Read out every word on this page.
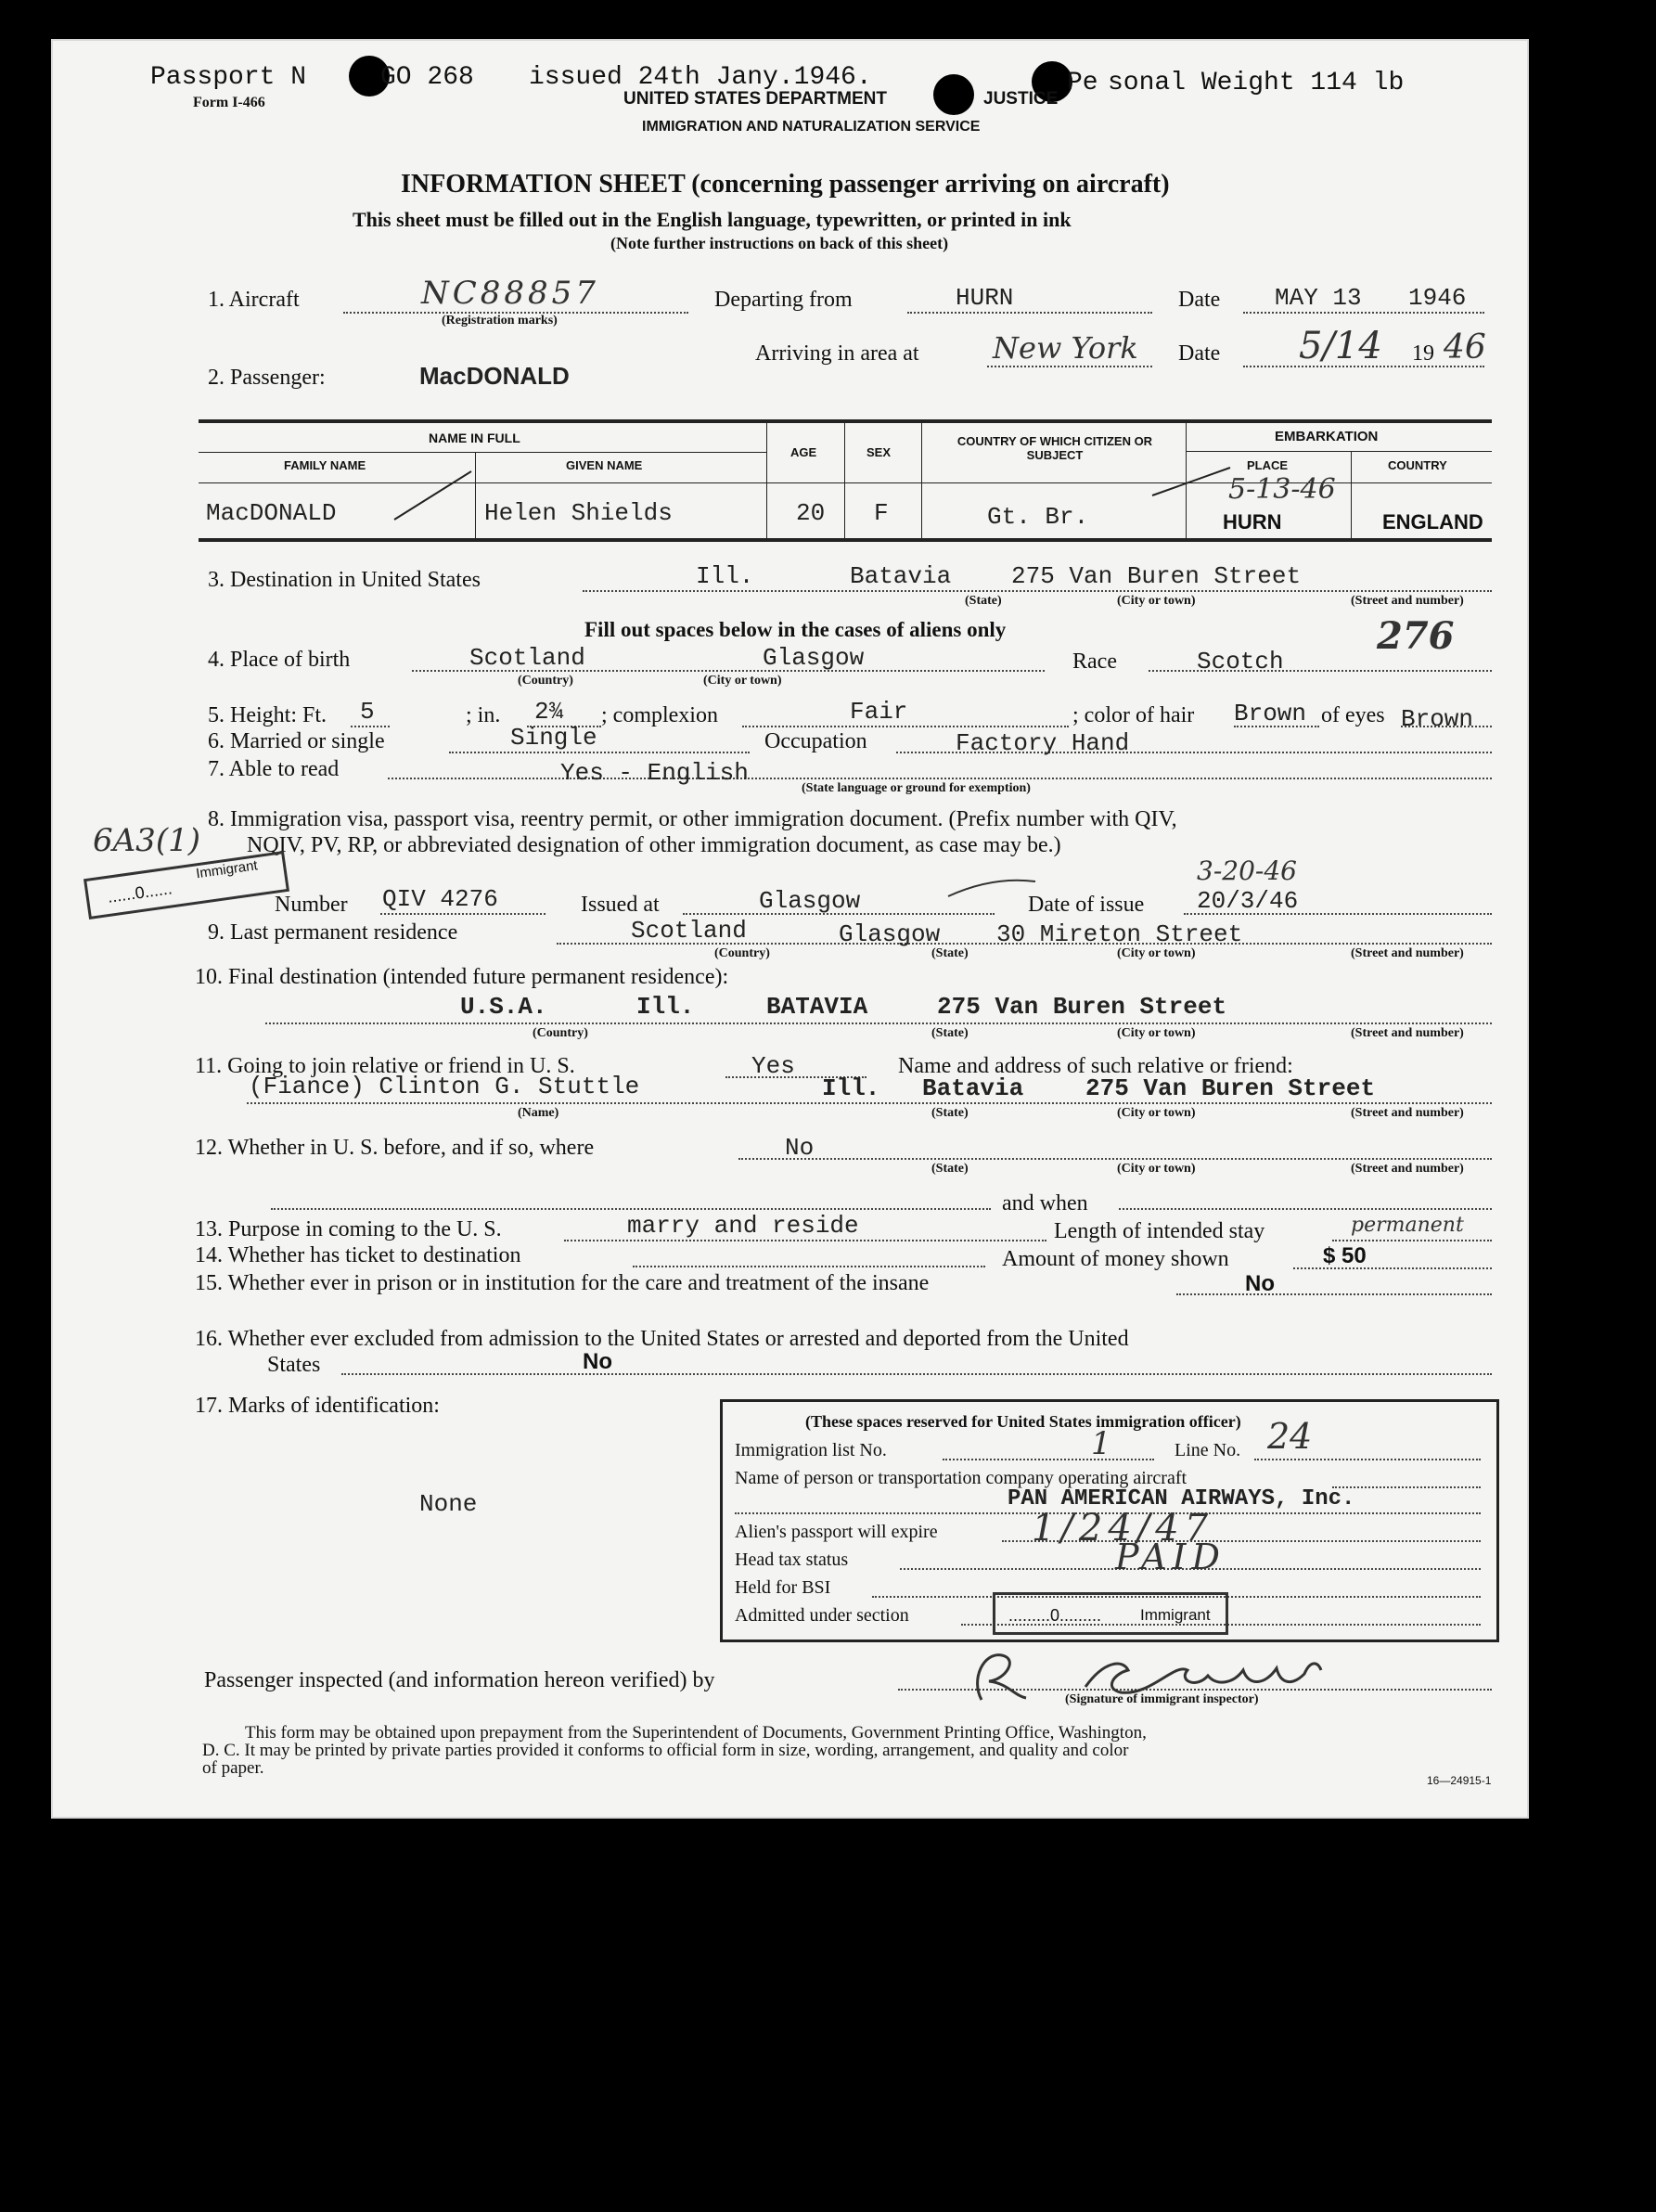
Passport N	GO 268 issued 24th Jany.1946.	Pe sonal Weight 114 lb
Form I-466	UNITED STATES DEPARTMENT	JUSTICE
IMMIGRATION AND NATURALIZATION SERVICE
INFORMATION SHEET (concerning passenger arriving on aircraft)
This sheet must be filled out in the English language, typewritten, or printed in ink
(Note further instructions on back of this sheet)
1. Aircraft	NC88857
(Registration marks)
Departing from	HURN	Date MAY 13 1946
Arriving in area at New York Date 5/14 19 46
2. Passenger:	MacDONALD
NAME IN FULL
FAMILY NAME	GIVEN NAME
AGE	SEX
COUNTRY OF WHICH CITIZEN OR SUBJECT
EMBARKATION
PLACE	COUNTRY
MacDONALD	Helen Shields	20 F	Gt. Br.
5-13-46
HURN	ENGLAND
3. Destination in United States	Ill.	Batavia 275 Van Buren Street
(State)	(City or town)	(Street and number)
Fill out spaces below in the cases of aliens only	276
4. Place of birth	Scotland	Glasgow
(Country)	(City or town)
Race	Scotch
5. Height: Ft. 5	; in. 2¾ ; complexion	Fair	; color of hair Brown of eyes Brown
6. Married or single	Single	Occupation	Factory Hand
7. Able to read	Yes - English
(State language or ground for exemption)
8. Immigration visa, passport visa, reentry permit, or other immigration document. (Prefix number with QIV,
NQIV, PV, RP, or abbreviated designation of other immigration document, as case may be.)
6A3(1)
......0......
Immigrant
Number QIV 4276	Issued at	Glasgow	Date of issue 20/3/46
3-20-46
9. Last permanent residence	Scotland	Glasgow 30 Mireton Street
(Country)	(State)	(City or town)	(Street and number)
10. Final destination (intended future permanent residence):
U.S.A.	Ill.	BATAVIA	275 Van Buren Street
(Country)	(State)	(City or town)	(Street and number)
11. Going to join relative or friend in U. S.	Yes	Name and address of such relative or friend:
(Fiance) Clinton G. Stuttle	Ill. Batavia	275 Van Buren Street
(Name)	(State)	(City or town)	(Street and number)
12. Whether in U. S. before, and if so, where	No
(State)	(City or town)	(Street and number)
and when
13. Purpose in coming to the U. S.	marry and reside	Length of intended stay	permanent
14. Whether has ticket to destination	Amount of money shown	$ 50
15. Whether ever in prison or in institution for the care and treatment of the insane	No
16. Whether ever excluded from admission to the United States or arrested and deported from the United
States	No
17. Marks of identification:
None
(These spaces reserved for United States immigration officer)
Immigration list No.	1	Line No. 24
Name of person or transportation company operating aircraft
PAN AMERICAN AIRWAYS, Inc.
Alien's passport will expire	1/24/47
Head tax status	PAID
Held for BSI
Admitted under section	.........0......... Immigrant
Passenger inspected (and information hereon verified) by
(Signature of immigrant inspector)
This form may be obtained upon prepayment from the Superintendent of Documents, Government Printing Office, Washington,
D. C. It may be printed by private parties provided it conforms to official form in size, wording, arrangement, and quality and color
of paper.
16—24915-1
